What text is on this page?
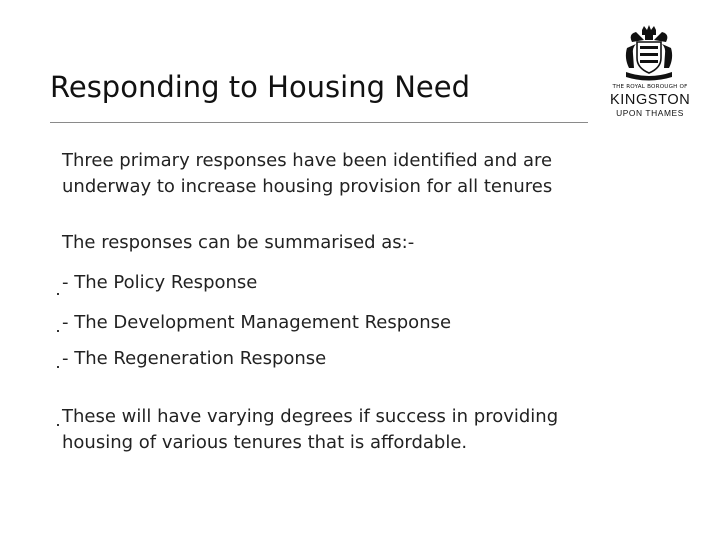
Responding to Housing Need	THE ROYAL BOROUGH OF
KINGSTON
UPON THAMES
Three primary responses have been identified and are
underway to increase housing provision for all tenures
The responses can be summarised as:-
- The Policy Response
- The Development Management Response
- The Regeneration Response
These will have varying degrees if success in providing
housing of various tenures that is affordable.
